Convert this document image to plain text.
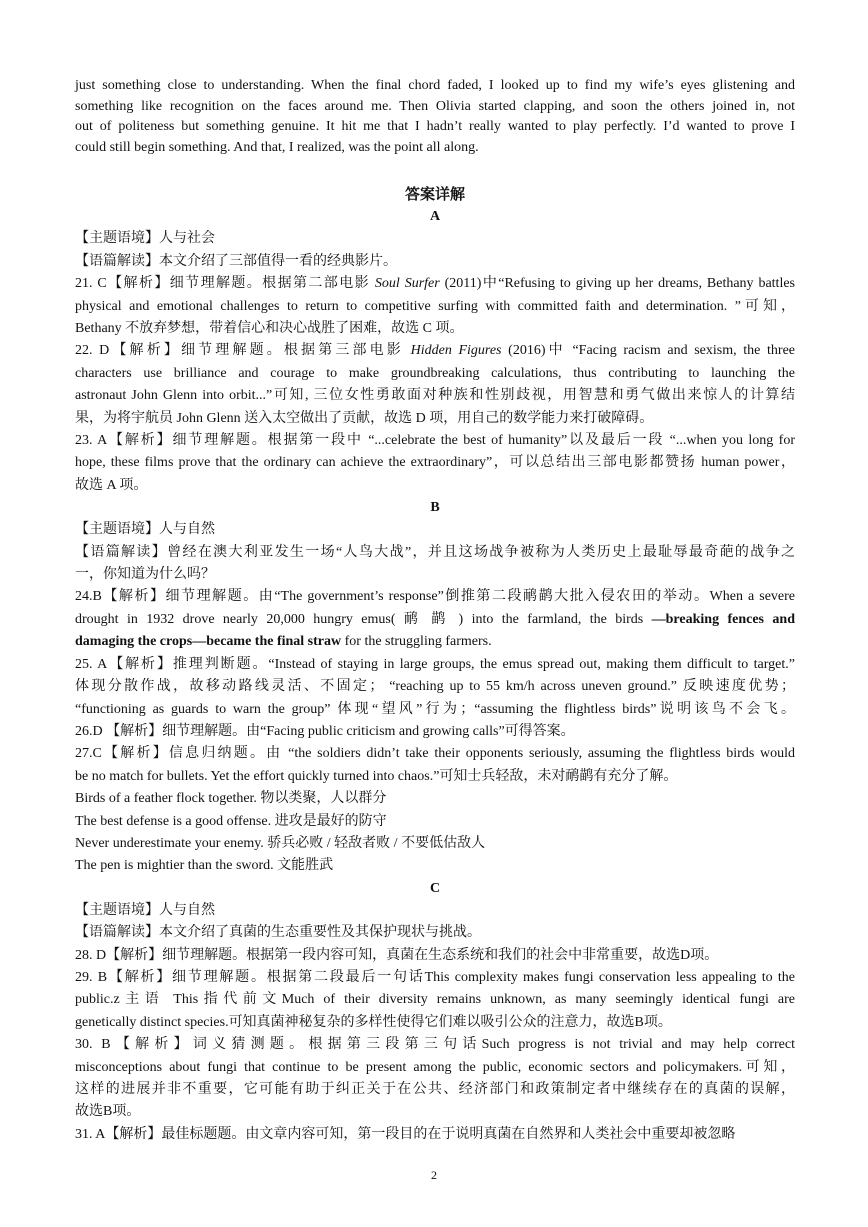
just something close to understanding. When the final chord faded, I looked up to find my wife’s eyes glistening and

something like recognition on the faces around me. Then Olivia started clapping, and soon the others joined in, not

out of politeness but something genuine. It hit me that I hadn’t really wanted to play perfectly. I’d wanted to prove I

could still begin something. And that, I realized, was the point all along.

答案详解

A

【主题语境】人与社会

【语篇解读】本文介绍了三部值得一看的经典影片。

21. C【解析】细节理解题。根据第二部电影 Soul Surfer (2011)中“Refusing to giving up her dreams, Bethany battles
physical and emotional challenges to return to competitive surfing with committed faith and determination. ”可知，
Bethany 不放弃梦想，带着信心和决心战胜了困难，故选 C 项。
22. D【解析】细节理解题。根据第三部电影 Hidden Figures (2016)中 “Facing racism and sexism, the three
characters use brilliance and courage to make groundbreaking calculations, thus contributing to launching the
astronaut John Glenn into orbit...”可知, 三位女性勇敢面对种族和性别歧视，用智慧和勇气做出来惊人的计算结
果，为将宇航员 John Glenn 送入太空做出了贡献，故选 D 项，用自己的数学能力来打破障碍。
23. A【解析】细节理解题。根据第一段中 “...celebrate the best of humanity”以及最后一段 “...when you long for
hope, these films prove that the ordinary can achieve the extraordinary”，可以总结出三部电影都赞扬 human power，
故选 A 项。

B

【主题语境】人与自然

【语篇解读】曾经在澳大利亚发生一场“人鸟大战”，并且这场战争被称为人类历史上最耻辱最奇葩的战争之
一，你知道为什么吗？
24.B【解析】细节理解题。由“The government’s response”倒推第二段鸸鹋大批入侵农田的举动。When a severe
drought in 1932 drove nearly 20,000 hungry emus( 鸸 鹋 ) into the farmland, the birds —breaking fences and
damaging the crops—became the final straw for the struggling farmers.
25. A【解析】推理判断题。“Instead of staying in large groups, the emus spread out, making them difficult to target.”
体现分散作战，故移动路线灵活、不固定； “reaching up to 55 km/h across uneven ground.” 反映速度优势；
“functioning as guards to warn the group” 体现“望风”行为；“assuming the flightless birds”说明该鸟不会飞。

26.D 【解析】细节理解题。由“Facing public criticism and growing calls”可得答案。

27.C【解析】信息归纳题。由 “the soldiers didn’t take their opponents seriously, assuming the flightless birds would
be no match for bullets. Yet the effort quickly turned into chaos.”可知士兵轻敌，未对鸸鹋有充分了解。

Birds of a feather flock together. 物以类聚，人以群分

The best defense is a good offense. 进攻是最好的防守

Never underestimate your enemy. 骄兵必败 / 轻敌者败 / 不要低估敌人

The pen is mightier than the sword. 文能胜武

C

【主题语境】人与自然

【语篇解读】本文介绍了真菌的生态重要性及其保护现状与挑战。

28. D【解析】细节理解题。根据第一段内容可知，真菌在生态系统和我们的社会中非常重要，故选D项。

29. B【解析】细节理解题。根据第二段最后一句话This complexity makes fungi conservation less appealing to the
public.z主语 This指代前文Much of their diversity remains unknown, as many seemingly identical fungi are
genetically distinct species.可知真菌神秘复杂的多样性使得它们难以吸引公众的注意力，故选B项。
30. B【解析】词义猜测题。根据第三段第三句话Such progress is not trivial and may help correct
misconceptions about fungi that continue to be present among the public, economic sectors and policymakers.可知，
这样的进展并非不重要，它可能有助于纠正关于在公共、经济部门和政策制定者中继续存在的真菌的误解，
故选B项。

31. A【解析】最佳标题题。由文章内容可知，第一段目的在于说明真菌在自然界和人类社会中重要却被忽略

2
